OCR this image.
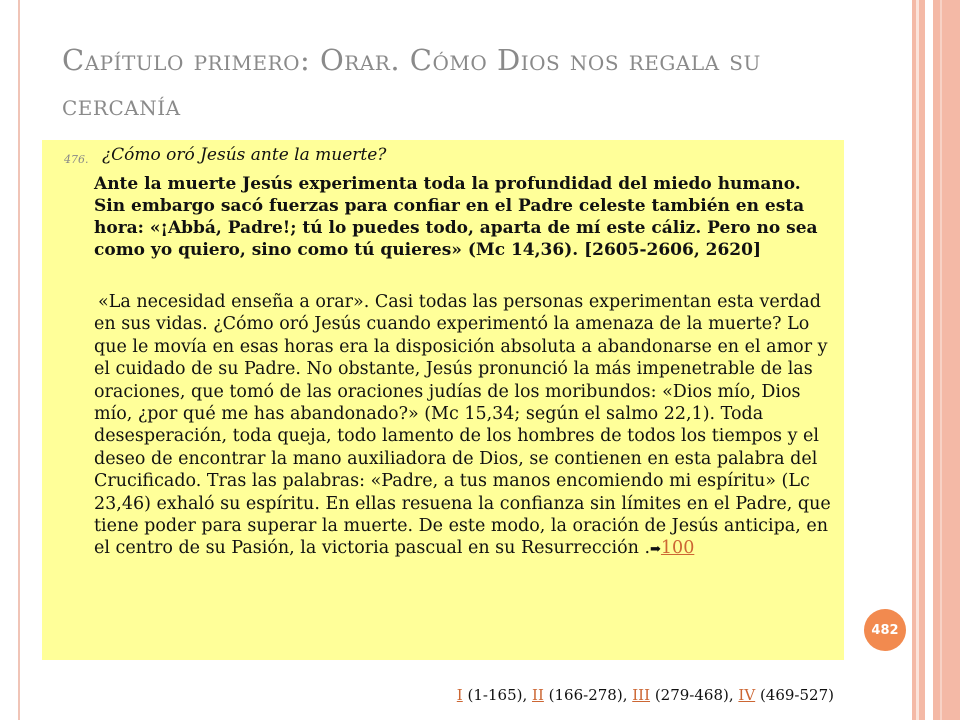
Capítulo primero: Orar. Cómo Dios nos regala su cercanía
476. ¿Cómo oró Jesús ante la muerte?

Ante la muerte Jesús experimenta toda la profundidad del miedo humano. Sin embargo sacó fuerzas para confiar en el Padre celeste también en esta hora: «¡Abbá, Padre!; tú lo puedes todo, aparta de mí este cáliz. Pero no sea como yo quiero, sino como tú quieres» (Mc 14,36). [2605-2606, 2620]

«La necesidad enseña a orar». Casi todas las personas experimentan esta verdad en sus vidas. ¿Cómo oró Jesús cuando experimentó la amenaza de la muerte? Lo que le movía en esas horas era la disposición absoluta a abandonarse en el amor y el cuidado de su Padre. No obstante, Jesús pronunció la más impenetrable de las oraciones, que tomó de las oraciones judías de los moribundos: «Dios mío, Dios mío, ¿por qué me has abandonado?» (Mc 15,34; según el salmo 22,1). Toda desesperación, toda queja, todo lamento de los hombres de todos los tiempos y el deseo de encontrar la mano auxiliadora de Dios, se contienen en esta palabra del Crucificado. Tras las palabras: «Padre, a tus manos encomiendo mi espíritu» (Lc 23,46) exhaló su espíritu. En ellas resuena la confianza sin límites en el Padre, que tiene poder para superar la muerte. De este modo, la oración de Jesús anticipa, en el centro de su Pasión, la victoria pascual en su Resurrección .➡100

482
I (1-165), II (166-278), III (279-468), IV (469-527)
